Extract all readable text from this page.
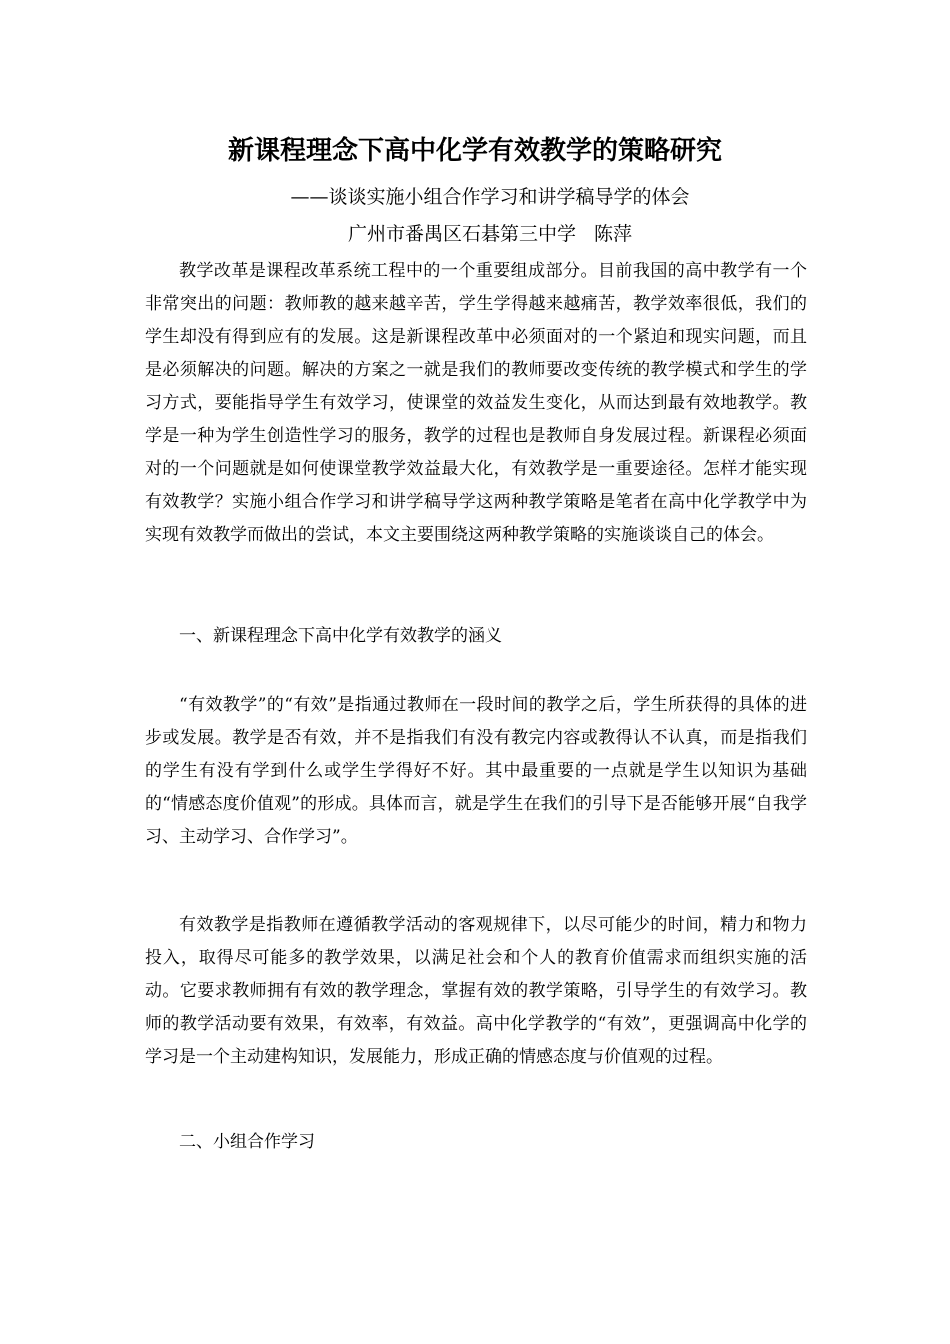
新课程理念下高中化学有效教学的策略研究
——谈谈实施小组合作学习和讲学稿导学的体会
广州市番禺区石碁第三中学   陈萍

教学改革是课程改革系统工程中的一个重要组成部分。目前我国的高中教学有一个非常突出的问题：教师教的越来越辛苦，学生学得越来越痛苦，教学效率很低，我们的学生却没有得到应有的发展。这是新课程改革中必须面对的一个紧迫和现实问题，而且是必须解决的问题。解决的方案之一就是我们的教师要改变传统的教学模式和学生的学习方式，要能指导学生有效学习，使课堂的效益发生变化，从而达到最有效地教学。教学是一种为学生创造性学习的服务，教学的过程也是教师自身发展过程。新课程必须面对的一个问题就是如何使课堂教学效益最大化，有效教学是一重要途径。怎样才能实现有效教学？实施小组合作学习和讲学稿导学这两种教学策略是笔者在高中化学教学中为实现有效教学而做出的尝试，本文主要围绕这两种教学策略的实施谈谈自己的体会。

一、新课程理念下高中化学有效教学的涵义

“有效教学”的“有效”是指通过教师在一段时间的教学之后，学生所获得的具体的进步或发展。教学是否有效，并不是指我们有没有教完内容或教得认不认真，而是指我们的学生有没有学到什么或学生学得好不好。其中最重要的一点就是学生以知识为基础的“情感态度价值观”的形成。具体而言，就是学生在我们的引导下是否能够开展“自我学习、主动学习、合作学习”。

有效教学是指教师在遵循教学活动的客观规律下，以尽可能少的时间，精力和物力投入，取得尽可能多的教学效果，以满足社会和个人的教育价值需求而组织实施的活动。它要求教师拥有有效的教学理念，掌握有效的教学策略，引导学生的有效学习。教师的教学活动要有效果，有效率，有效益。高中化学教学的“有效”，更强调高中化学的学习是一个主动建构知识，发展能力，形成正确的情感态度与价值观的过程。

二、小组合作学习
